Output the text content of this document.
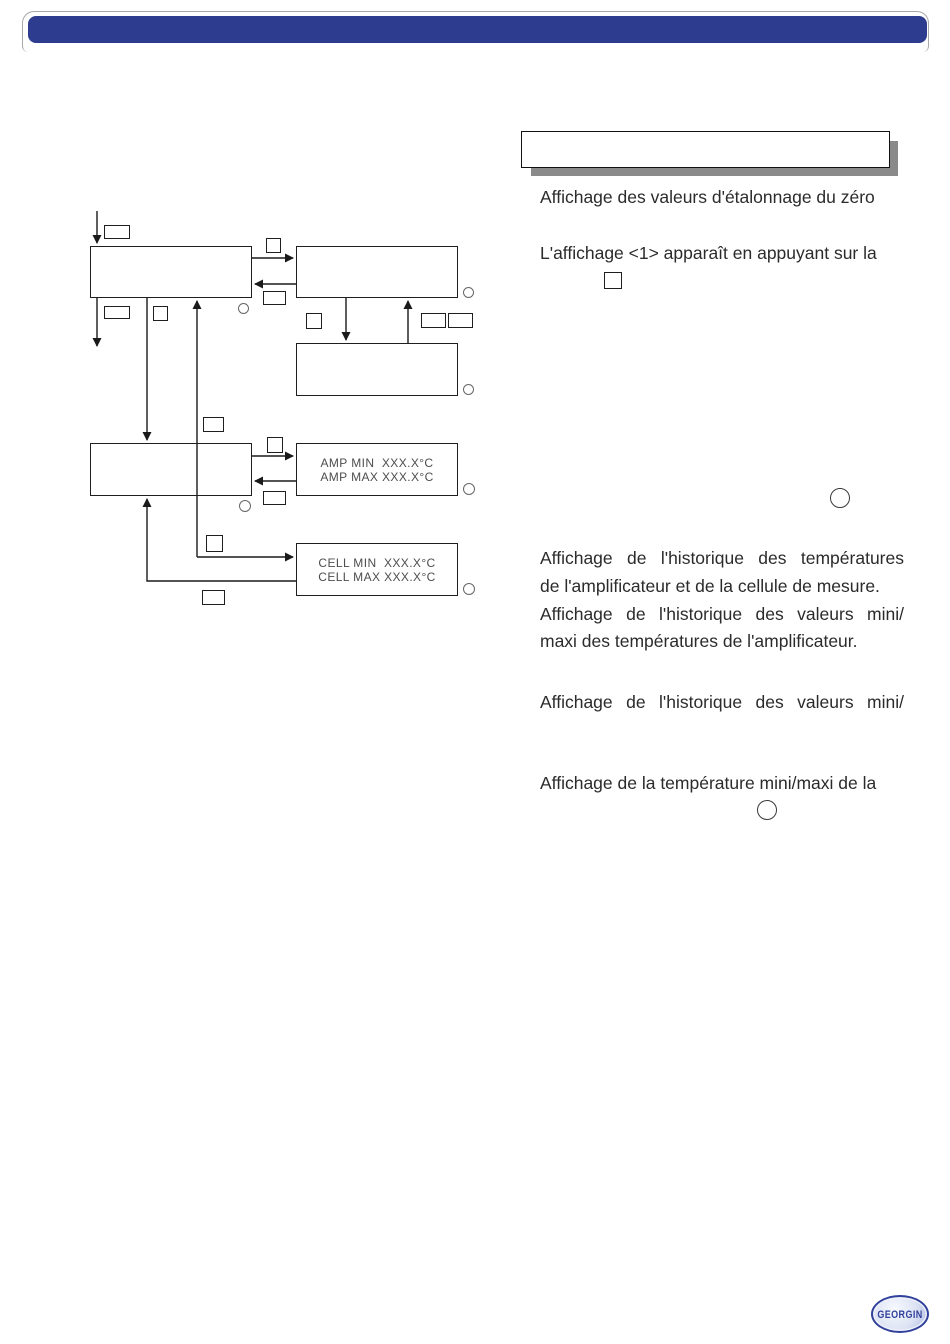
AMP MIN  XXX.X°C
AMP MAX XXX.X°C
CELL MIN  XXX.X°C
CELL MAX XXX.X°C
Affichage des valeurs d'étalonnage du zéro
L'affichage <1> apparaît en appuyant sur la
Affichage de l'historique des températures
de l'amplificateur et de la cellule de mesure.
Affichage de l'historique des valeurs mini/
maxi des températures de l'amplificateur.
Affichage de l'historique des valeurs mini/
Affichage de la température mini/maxi de la
GEORGIN
